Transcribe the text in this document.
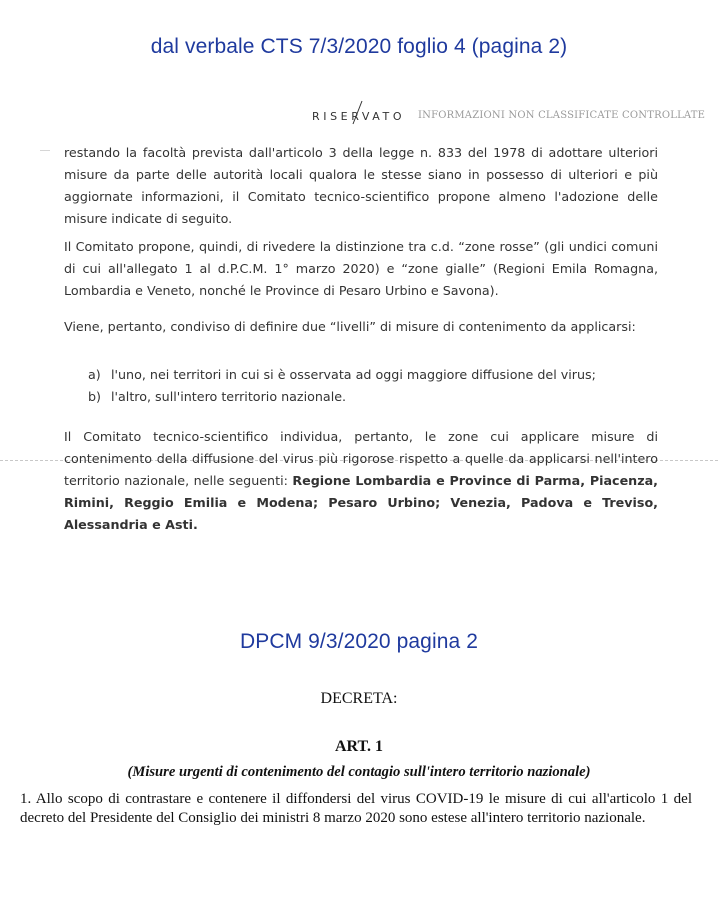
dal verbale CTS 7/3/2020 foglio 4 (pagina 2)
RISERVATO INFORMAZIONI NON CLASSIFICATE CONTROLLATE

restando la facoltà prevista dall'articolo 3 della legge n. 833 del 1978 di adottare ulteriori misure da parte delle autorità locali qualora le stesse siano in possesso di ulteriori e più aggiornate informazioni, il Comitato tecnico-scientifico propone almeno l'adozione delle misure indicate di seguito.

Il Comitato propone, quindi, di rivedere la distinzione tra c.d. “zone rosse” (gli undici comuni di cui all'allegato 1 al d.P.C.M. 1° marzo 2020) e “zone gialle” (Regioni Emila Romagna, Lombardia e Veneto, nonché le Province di Pesaro Urbino e Savona).

Viene, pertanto, condiviso di definire due “livelli” di misure di contenimento da applicarsi:

a) l'uno, nei territori in cui si è osservata ad oggi maggiore diffusione del virus;
b) l'altro, sull'intero territorio nazionale.

Il Comitato tecnico-scientifico individua, pertanto, le zone cui applicare misure di contenimento della diffusione del virus più rigorose rispetto a quelle da applicarsi nell'intero territorio nazionale, nelle seguenti: Regione Lombardia e Province di Parma, Piacenza, Rimini, Reggio Emilia e Modena; Pesaro Urbino; Venezia, Padova e Treviso, Alessandria e Asti.

DPCM 9/3/2020 pagina 2
DECRETA:
ART. 1
(Misure urgenti di contenimento del contagio sull'intero territorio nazionale)

1. Allo scopo di contrastare e contenere il diffondersi del virus COVID-19 le misure di cui all'articolo 1 del decreto del Presidente del Consiglio dei ministri 8 marzo 2020 sono estese all'intero territorio nazionale.
